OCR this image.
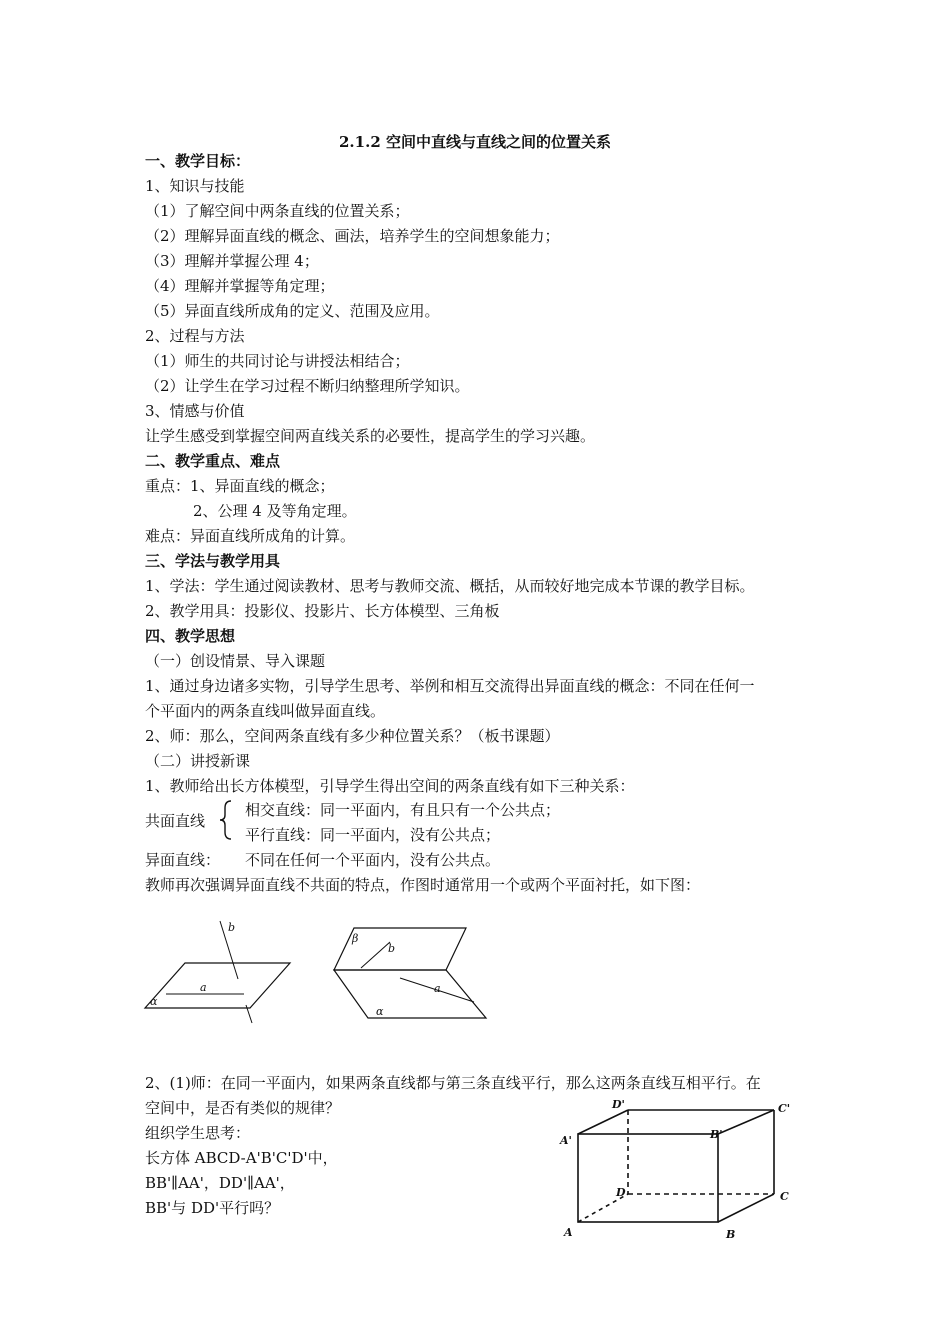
2.1.2 空间中直线与直线之间的位置关系
一、教学目标：
1、知识与技能
（1）了解空间中两条直线的位置关系；
（2）理解异面直线的概念、画法，培养学生的空间想象能力；
（3）理解并掌握公理 4；
（4）理解并掌握等角定理；
（5）异面直线所成角的定义、范围及应用。
2、过程与方法
（1）师生的共同讨论与讲授法相结合；
（2）让学生在学习过程不断归纳整理所学知识。
3、情感与价值
让学生感受到掌握空间两直线关系的必要性，提高学生的学习兴趣。
二、教学重点、难点
重点：1、异面直线的概念；
2、公理 4 及等角定理。
难点：异面直线所成角的计算。
三、学法与教学用具
1、学法：学生通过阅读教材、思考与教师交流、概括，从而较好地完成本节课的教学目标。
2、教学用具：投影仪、投影片、长方体模型、三角板
四、教学思想
（一）创设情景、导入课题
1、通过身边诸多实物，引导学生思考、举例和相互交流得出异面直线的概念：不同在任何一
个平面内的两条直线叫做异面直线。
2、师：那么，空间两条直线有多少种位置关系？（板书课题）
（二）讲授新课
1、教师给出长方体模型，引导学生得出空间的两条直线有如下三种关系：
共面直线
相交直线：同一平面内，有且只有一个公共点；
平行直线：同一平面内，没有公共点；
异面直线： 不同在任何一个平面内，没有公共点。
教师再次强调异面直线不共面的特点，作图时通常用一个或两个平面衬托，如下图：
b
a
α
β
b
a
α
2、(1)师：在同一平面内，如果两条直线都与第三条直线平行，那么这两条直线互相平行。在
空间中，是否有类似的规律？
组织学生思考：
长方体 ABCD-A'B'C'D'中，
BB'∥AA'，DD'∥AA'，
BB'与 DD'平行吗？
D'	C'
A'	B'
D	C
A	B
